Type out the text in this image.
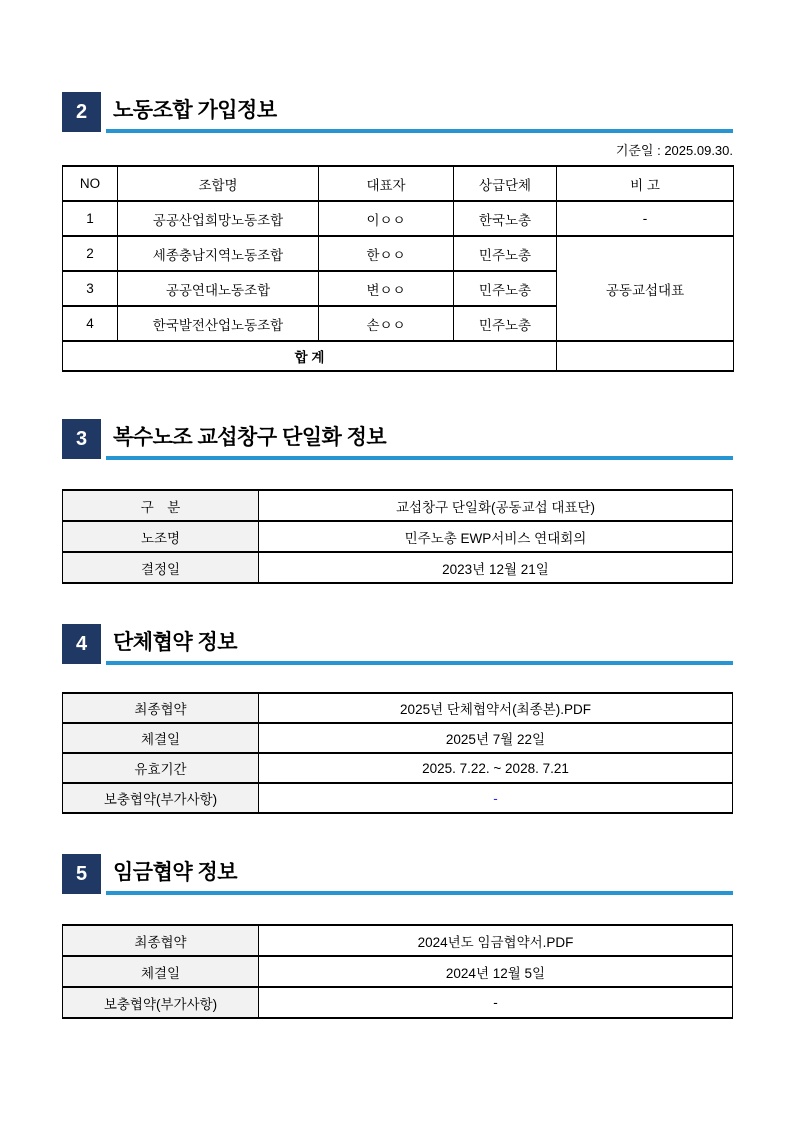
2 노동조합 가입정보
기준일 : 2025.09.30.
NO	조합명	대표자	상급단체	비 고
1	공공산업희망노동조합	이ㅇㅇ	한국노총	-
2	세종충남지역노동조합	한ㅇㅇ	민주노총	공동교섭대표
3	공공연대노동조합	변ㅇㅇ	민주노총	
4	한국발전산업노동조합	손ㅇㅇ	민주노총	
합 계				
3 복수노조 교섭창구 단일화 정보
구　분	교섭창구 단일화(공동교섭 대표단)
노조명	민주노총 EWP서비스 연대회의
결정일	2023년 12월 21일
4 단체협약 정보
최종협약	2025년 단체협약서(최종본).PDF
체결일	2025년 7월 22일
유효기간	2025. 7.22. ~ 2028. 7.21
보충협약(부가사항)	-
5 임금협약 정보
최종협약	2024년도 임금협약서.PDF
체결일	2024년 12월 5일
보충협약(부가사항)	-
